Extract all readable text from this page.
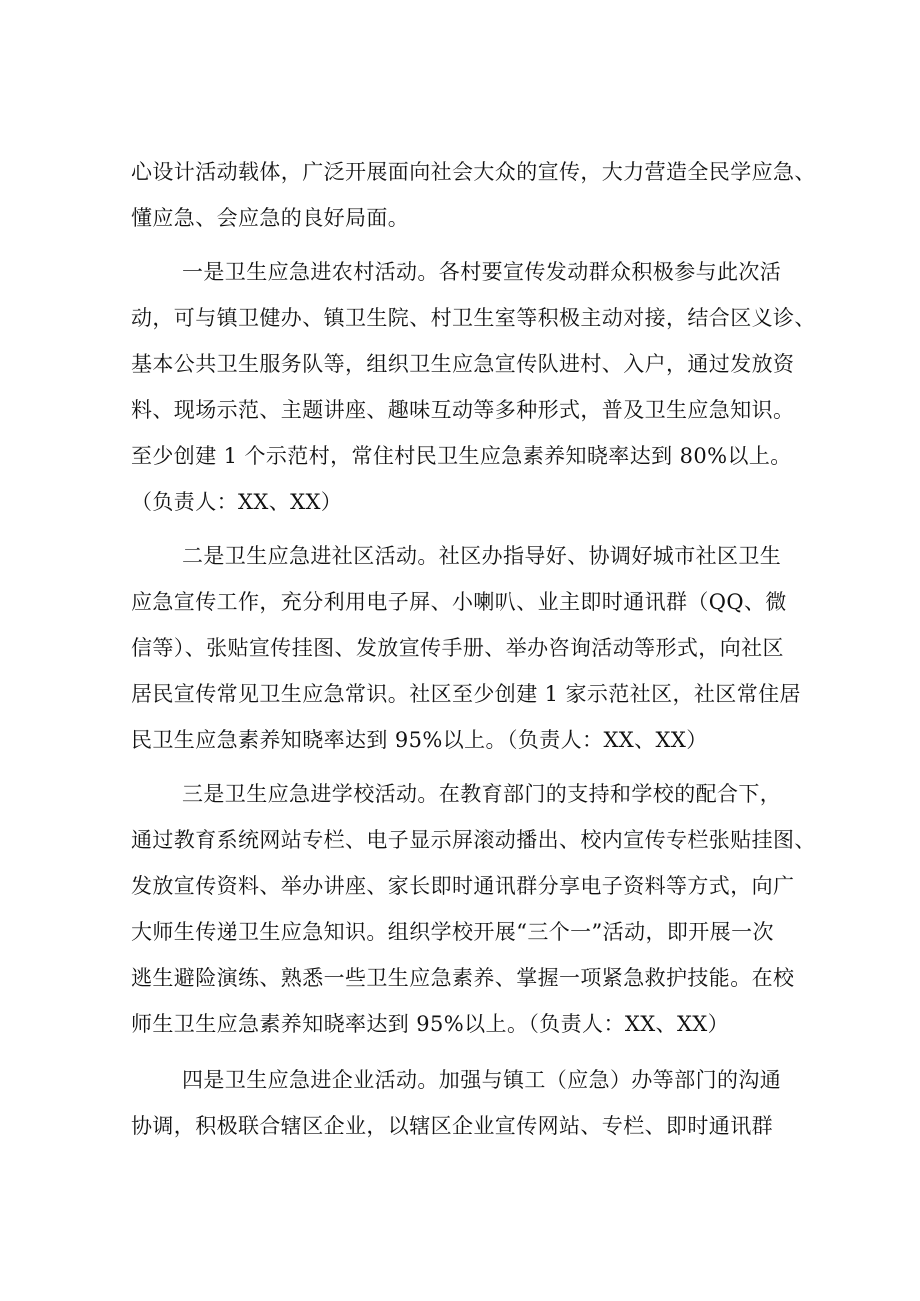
心设计活动载体，广泛开展面向社会大众的宣传，大力营造全民学应急、
懂应急、会应急的良好局面。
一是卫生应急进农村活动。各村要宣传发动群众积极参与此次活
动，可与镇卫健办、镇卫生院、村卫生室等积极主动对接，结合区义诊、
基本公共卫生服务队等，组织卫生应急宣传队进村、入户，通过发放资
料、现场示范、主题讲座、趣味互动等多种形式，普及卫生应急知识。
至少创建 1 个示范村，常住村民卫生应急素养知晓率达到 80%以上。
（负责人：XX、XX）
二是卫生应急进社区活动。社区办指导好、协调好城市社区卫生
应急宣传工作，充分利用电子屏、小喇叭、业主即时通讯群（QQ、微
信等）、张贴宣传挂图、发放宣传手册、举办咨询活动等形式，向社区
居民宣传常见卫生应急常识。社区至少创建 1 家示范社区，社区常住居
民卫生应急素养知晓率达到 95%以上。（负责人：XX、XX）
三是卫生应急进学校活动。在教育部门的支持和学校的配合下，
通过教育系统网站专栏、电子显示屏滚动播出、校内宣传专栏张贴挂图、
发放宣传资料、举办讲座、家长即时通讯群分享电子资料等方式，向广
大师生传递卫生应急知识。组织学校开展“三个一”活动，即开展一次
逃生避险演练、熟悉一些卫生应急素养、掌握一项紧急救护技能。在校
师生卫生应急素养知晓率达到 95%以上。（负责人：XX、XX）
四是卫生应急进企业活动。加强与镇工（应急）办等部门的沟通
协调，积极联合辖区企业，以辖区企业宣传网站、专栏、即时通讯群
